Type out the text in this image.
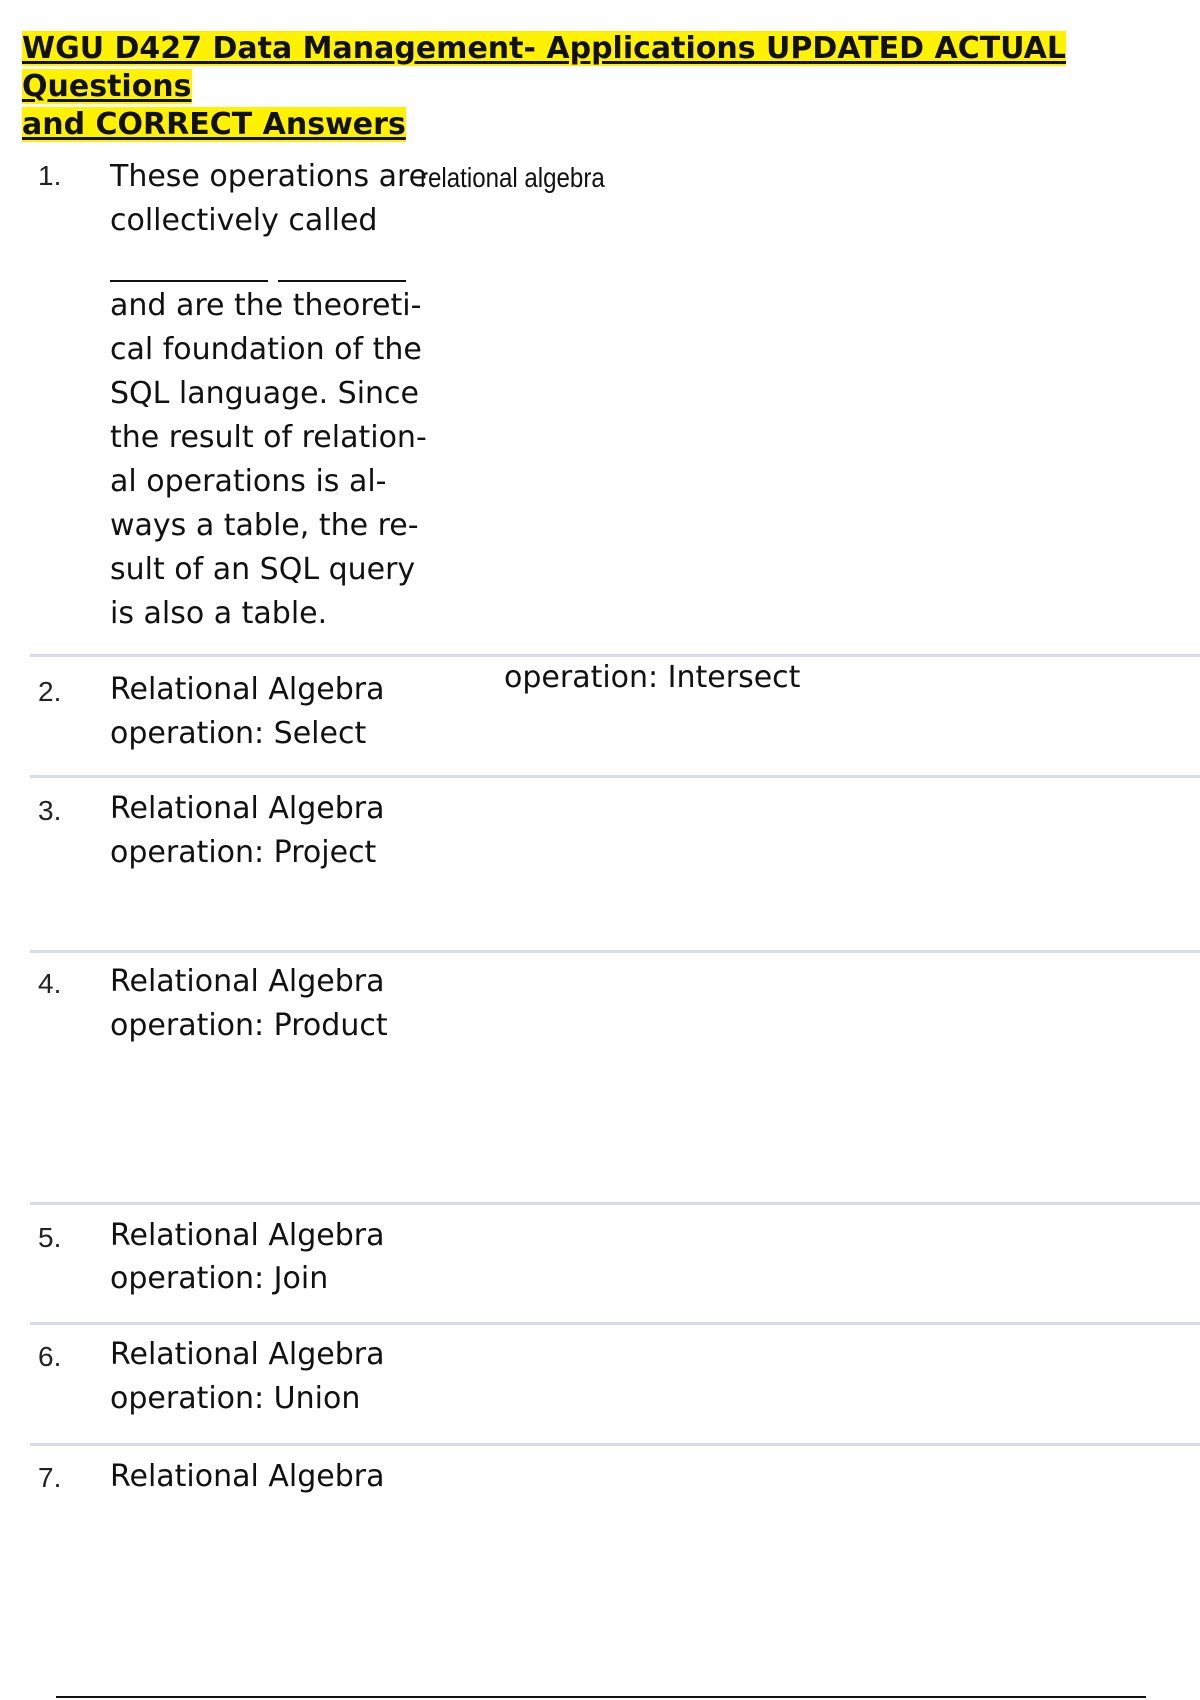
WGU D427 Data Management- Applications UPDATED ACTUAL Questions
and CORRECT Answers
1. These operations are
relational algebra
collectively called
and are the theoreti-
cal foundation of the
SQL language. Since
the result of relation-
al operations is al-
ways a table, the re-
sult of an SQL query
is also a table.
2. Relational Algebra
operation: Select
operation: Intersect
3. Relational Algebra
operation: Project
4. Relational Algebra
operation: Product
5. Relational Algebra
operation: Join
6. Relational Algebra
operation: Union
7. Relational Algebra
